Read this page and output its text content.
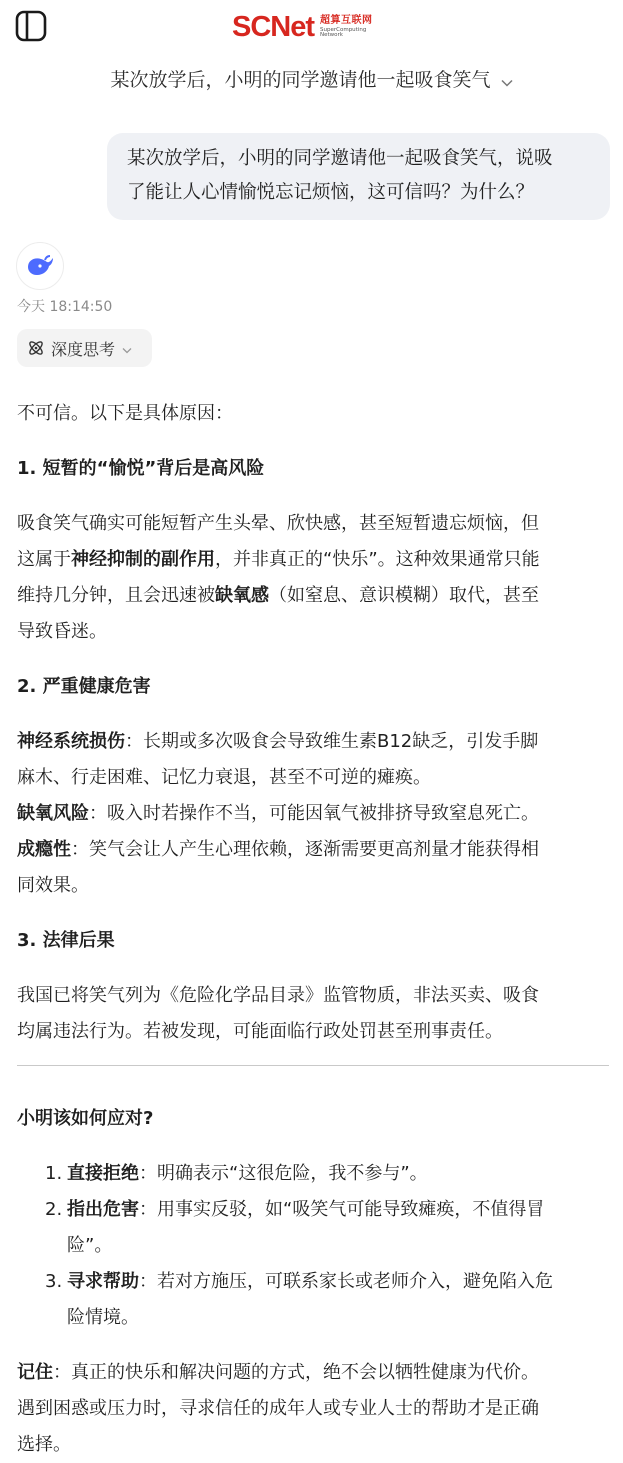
SCNet 超算互联网
SuperComputing
Network
某次放学后，小明的同学邀请他一起吸食笑气
某次放学后，小明的同学邀请他一起吸食笑气，说吸
了能让人心情愉悦忘记烦恼，这可信吗？为什么？
今天 18:14:50
深度思考

不可信。以下是具体原因：

1. 短暂的“愉悦”背后是高风险

吸食笑气确实可能短暂产生头晕、欣快感，甚至短暂遗忘烦恼，但
这属于神经抑制的副作用，并非真正的“快乐”。这种效果通常只能
维持几分钟，且会迅速被缺氧感（如窒息、意识模糊）取代，甚至
导致昏迷。

2. 严重健康危害

神经系统损伤：长期或多次吸食会导致维生素B12缺乏，引发手脚
麻木、行走困难、记忆力衰退，甚至不可逆的瘫痪。
缺氧风险：吸入时若操作不当，可能因氧气被排挤导致窒息死亡。
成瘾性：笑气会让人产生心理依赖，逐渐需要更高剂量才能获得相
同效果。

3. 法律后果

我国已将笑气列为《危险化学品目录》监管物质，非法买卖、吸食
均属违法行为。若被发现，可能面临行政处罚甚至刑事责任。

小明该如何应对?

1. 直接拒绝：明确表示“这很危险，我不参与”。
2. 指出危害：用事实反驳，如“吸笑气可能导致瘫痪，不值得冒
险”。
3. 寻求帮助：若对方施压，可联系家长或老师介入，避免陷入危
险情境。
记住：真正的快乐和解决问题的方式，绝不会以牺牲健康为代价。
遇到困惑或压力时，寻求信任的成年人或专业人士的帮助才是正确
选择。
